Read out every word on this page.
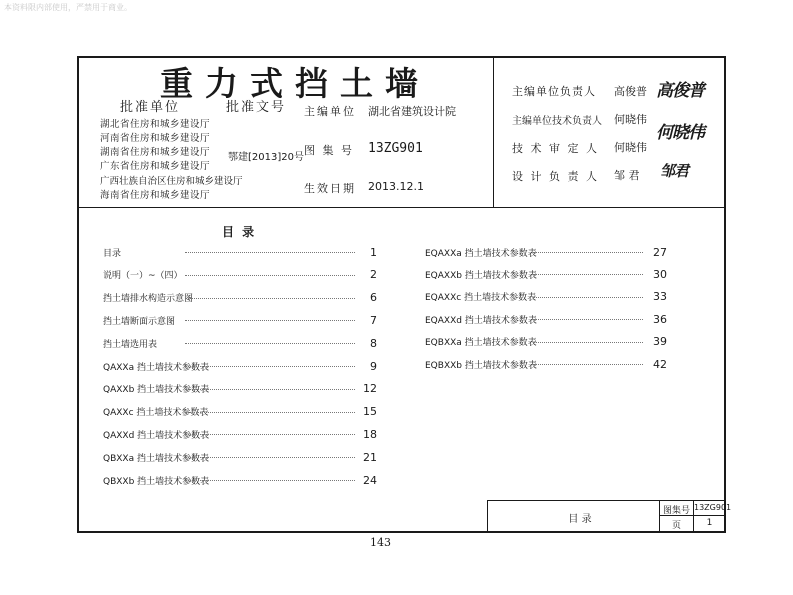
本资料限内部使用，严禁用于商业。
重力式挡土墙
批准单位	批准文号
湖北省住房和城乡建设厅
河南省住房和城乡建设厅
湖南省住房和城乡建设厅
广东省住房和城乡建设厅
广西壮族自治区住房和城乡建设厅
海南省住房和城乡建设厅
鄂建[2013]20号
主编单位 湖北省建筑设计院
图 集 号 13ZG901
生效日期 2013.12.1
主编单位负责人 高俊普 高俊普
主编单位技术负责人 何晓伟
何晓伟
技 术 审 定 人 何晓伟
设 计 负 责 人 邹 君 邹君
目 录
目录	1
说明（一）~（四）	2
挡土墙排水构造示意图	6
挡土墙断面示意图	7
挡土墙选用表	8
QAXXa 挡土墙技术参数表	9
QAXXb 挡土墙技术参数表	12
QAXXc 挡土墙技术参数表	15
QAXXd 挡土墙技术参数表	18
QBXXa 挡土墙技术参数表	21
QBXXb 挡土墙技术参数表	24
EQAXXa 挡土墙技术参数表	27
EQAXXb 挡土墙技术参数表	30
EQAXXc 挡土墙技术参数表	33
EQAXXd 挡土墙技术参数表	36
EQBXXa 挡土墙技术参数表	39
EQBXXb 挡土墙技术参数表	42
目 录
图集号 13ZG901
页	1
143
